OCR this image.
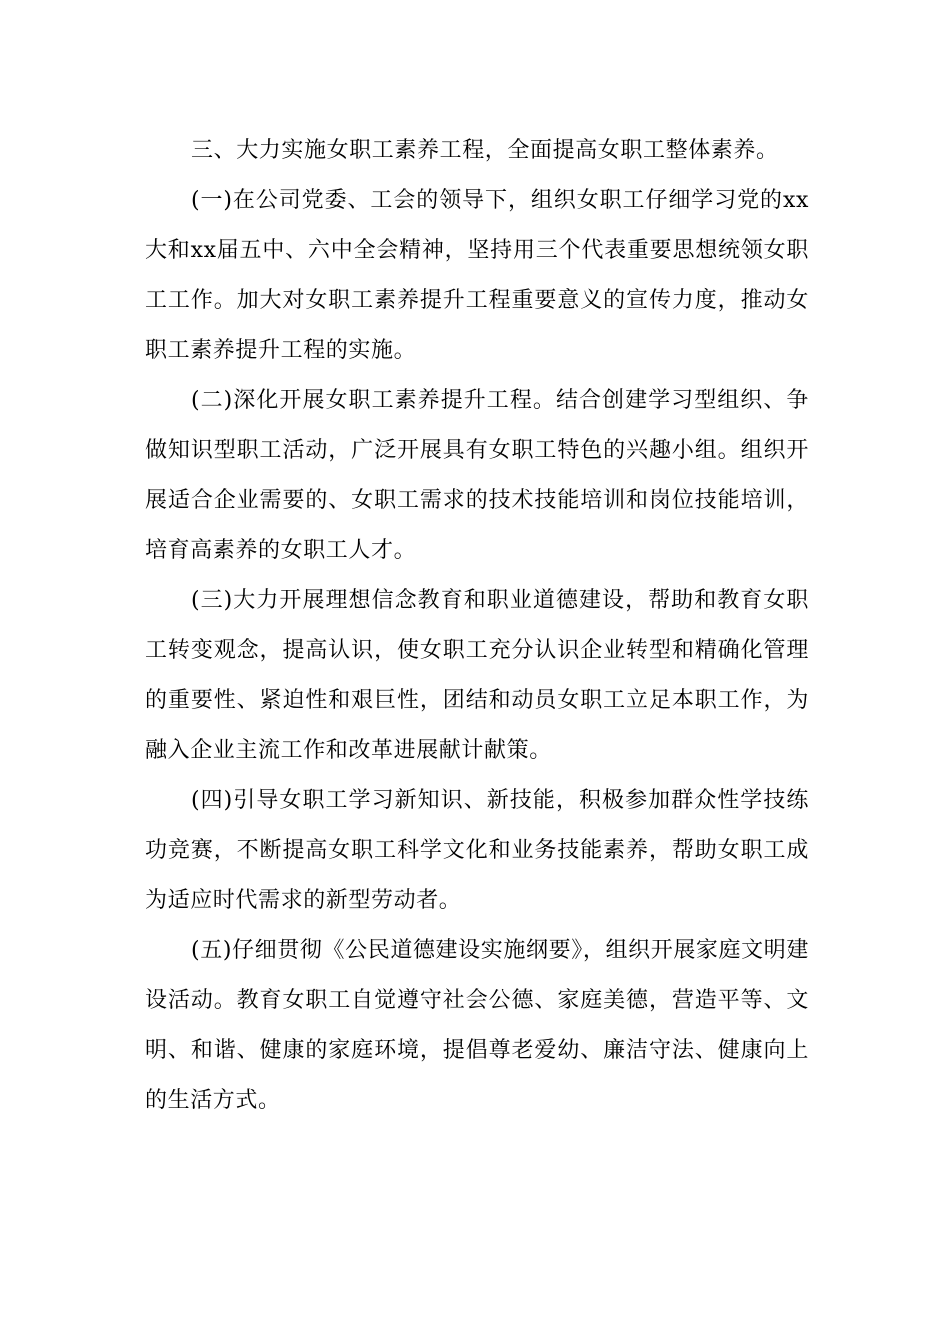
三、大力实施女职工素养工程，全面提高女职工整体素养。

(一)在公司党委、工会的领导下，组织女职工仔细学习党的xx大和xx届五中、六中全会精神，坚持用三个代表重要思想统领女职工工作。加大对女职工素养提升工程重要意义的宣传力度，推动女职工素养提升工程的实施。

(二)深化开展女职工素养提升工程。结合创建学习型组织、争做知识型职工活动，广泛开展具有女职工特色的兴趣小组。组织开展适合企业需要的、女职工需求的技术技能培训和岗位技能培训，培育高素养的女职工人才。

(三)大力开展理想信念教育和职业道德建设，帮助和教育女职工转变观念，提高认识，使女职工充分认识企业转型和精确化管理的重要性、紧迫性和艰巨性，团结和动员女职工立足本职工作，为融入企业主流工作和改革进展献计献策。

(四)引导女职工学习新知识、新技能，积极参加群众性学技练功竞赛，不断提高女职工科学文化和业务技能素养，帮助女职工成为适应时代需求的新型劳动者。

(五)仔细贯彻《公民道德建设实施纲要》，组织开展家庭文明建设活动。教育女职工自觉遵守社会公德、家庭美德，营造平等、文明、和谐、健康的家庭环境，提倡尊老爱幼、廉洁守法、健康向上的生活方式。
